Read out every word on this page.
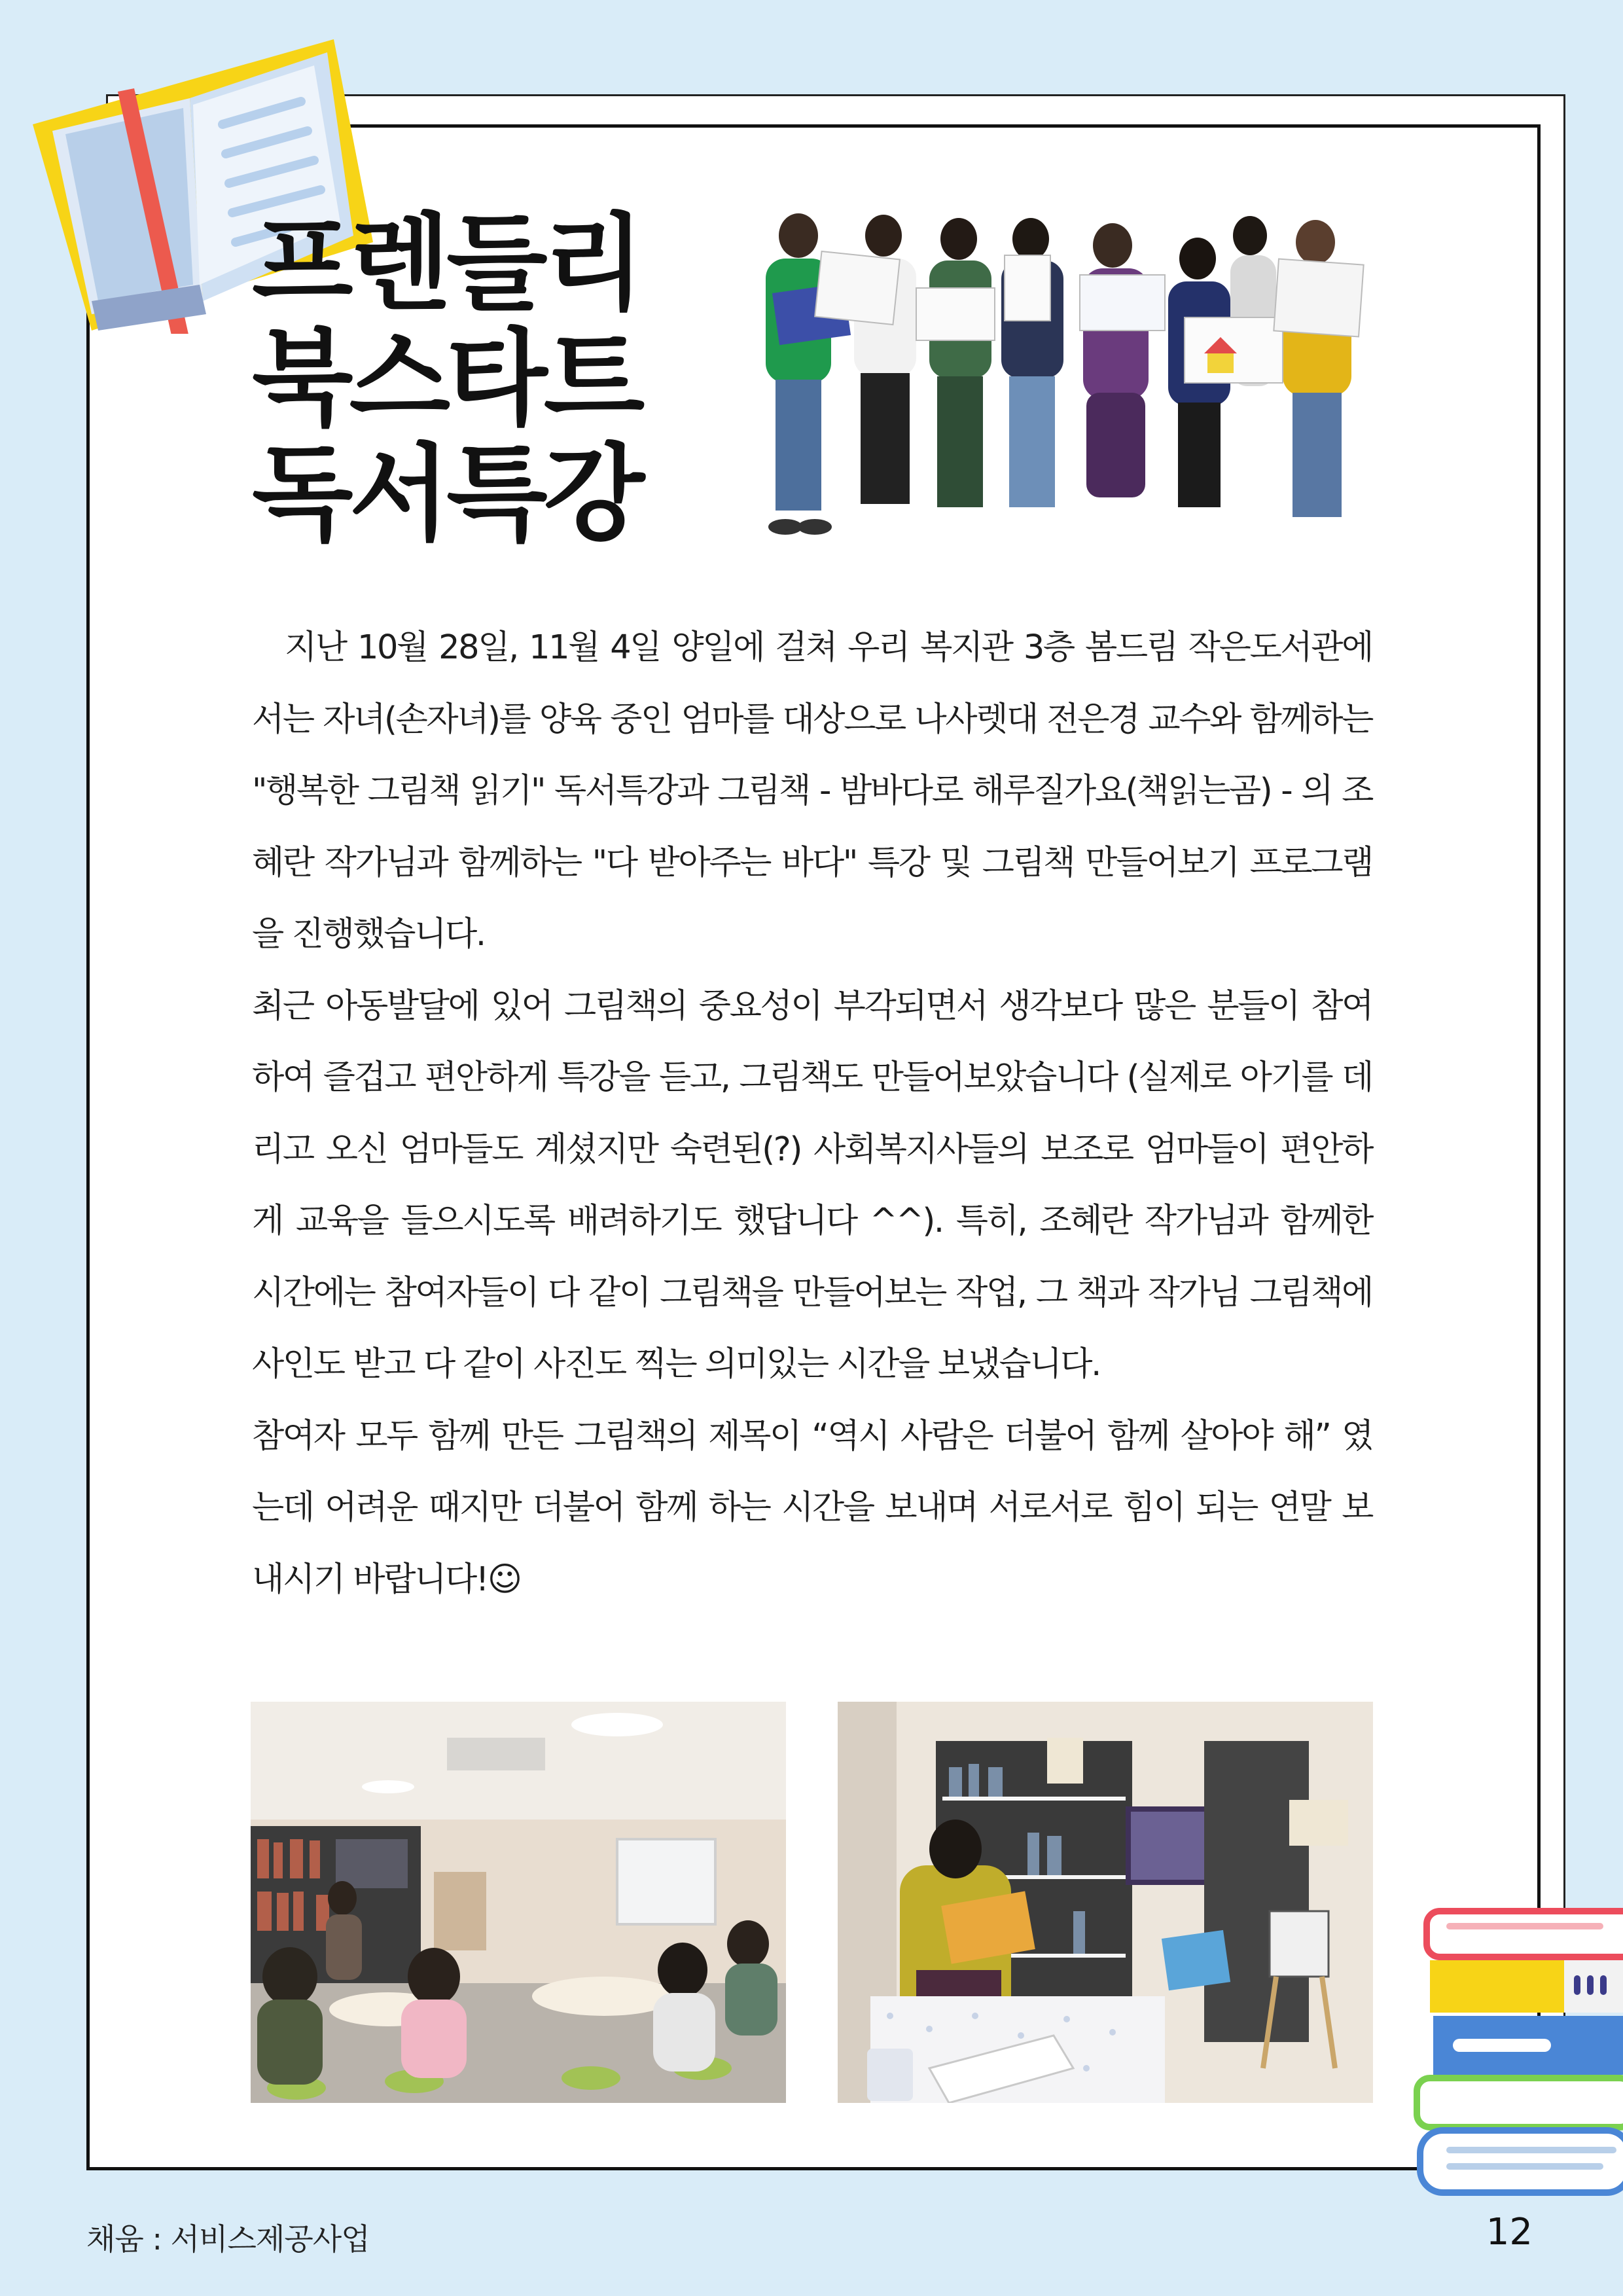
프렌들리
북스타트
독서특강

지난 10월 28일, 11월 4일 양일에 걸쳐 우리 복지관 3층 봄드림 작은도서관에서는 자녀(손자녀)를 양육 중인 엄마를 대상으로 나사렛대 전은경 교수와 함께하는 "행복한 그림책 읽기" 독서특강과 그림책 - 밤바다로 해루질가요(책읽는곰) - 의 조혜란 작가님과 함께하는 "다 받아주는 바다" 특강 및 그림책 만들어보기 프로그램을 진행했습니다.

최근 아동발달에 있어 그림책의 중요성이 부각되면서 생각보다 많은 분들이 참여하여 즐겁고 편안하게 특강을 듣고, 그림책도 만들어보았습니다 (실제로 아기를 데리고 오신 엄마들도 계셨지만 숙련된(?) 사회복지사들의 보조로 엄마들이 편안하게 교육을 들으시도록 배려하기도 했답니다 ^^). 특히, 조혜란 작가님과 함께한 시간에는 참여자들이 다 같이 그림책을 만들어보는 작업, 그 책과 작가님 그림책에 사인도 받고 다 같이 사진도 찍는 의미있는 시간을 보냈습니다.

참여자 모두 함께 만든 그림책의 제목이 “역시 사람은 더불어 함께 살아야 해” 였는데 어려운 때지만 더불어 함께 하는 시간을 보내며 서로서로 힘이 되는 연말 보내시기 바랍니다!☺

채움 : 서비스제공사업	12
